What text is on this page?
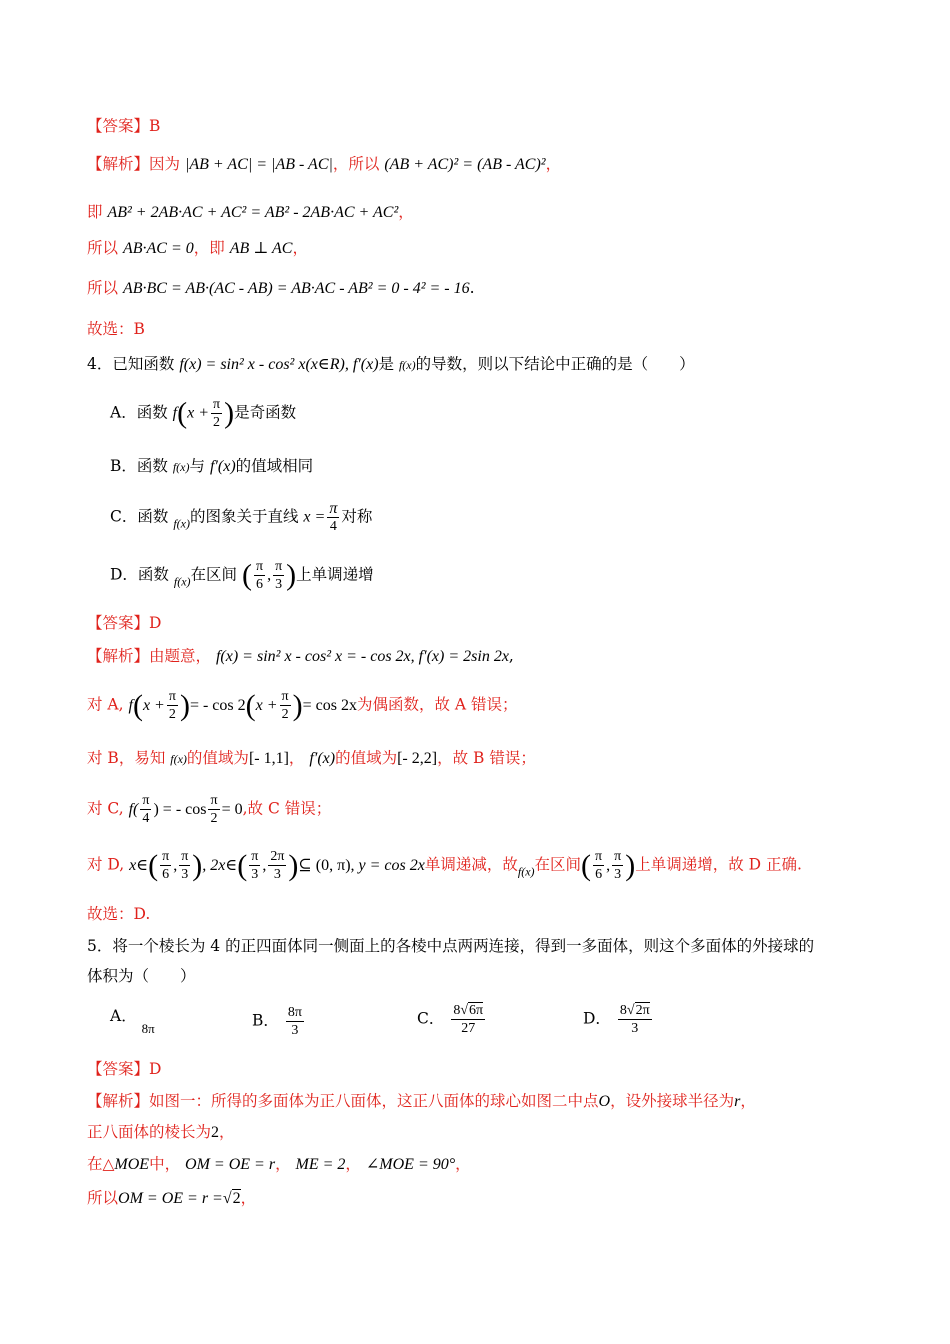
【答案】B
【解析】因为 |AB + AC| = |AB - AC|，所以 (AB + AC)² = (AB - AC)²，
即 AB² + 2AB·AC + AC² = AB² - 2AB·AC + AC²，
所以 AB·AC = 0，即 AB ⊥ AC，
所以 AB·BC = AB·(AC - AB) = AB·AC - AB² = 0 - 4² = - 16.
故选：B
4．已知函数 f(x) = sin² x - cos² x(x∈R), f′(x)是 f(x)的导数，则以下结论中正确的是（　　）
A．函数 $f(x + \frac{\pi}{2}$ )是奇函数
B．函数 f(x)与 f′(x)的值域相同
C．函数 $_{f(x)}$的图象关于直线 $x = \frac{\pi}{4}$ 对称
D．函数 $_{f(x)}$在区间 ( $\frac{\pi}{6}$ , $\frac{\pi}{3}$ )上单调递增
【答案】D
【解析】由题意， f(x) = sin² x - cos² x = - cos 2x, f′(x) = 2sin 2x,
对 A, $f(x + \frac{\pi}{2}$ )= - $\cos 2(x + \frac{\pi}{2}$ )= cos 2x为偶函数，故 A 错误；
对 B，易知 f(x)的值域为[- 1,1]， f′(x)的值域为[- 2,2]，故 B 错误；
对 C, $f( \frac{\pi}{4}$ ) = - $\cos \frac{\pi}{2} = 0$,故 C 错误；
对 D, x∈( $\frac{\pi}{6}$ , $\frac{\pi}{3}$ ), 2x∈( $\frac{\pi}{3}$ , $\frac{2\pi}{3}$ )⊆ (0, π), y = cos 2x单调递减，故$_{f(x)}$在区间( $\frac{\pi}{6}$ , $\frac{\pi}{3}$ )上单调递增，故 D 正确.
故选：D.
5．将一个棱长为 4 的正四面体同一侧面上的各棱中点两两连接，得到一多面体，则这个多面体的外接球的
体积为（　　）
A． $_{8\pi}$	B． $\frac{8\pi}{3}$	C． $\frac{8√6\pi}{27}$	D． $\frac{8√2\pi}{3}$
【答案】D
【解析】如图一：所得的多面体为正八面体，这正八面体的球心如图二中点O，设外接球半径为r，
正八面体的棱长为2，
在△MOE中， OM = OE = r， ME = 2， ∠MOE = 90°，
所以OM = OE = r =√2，
